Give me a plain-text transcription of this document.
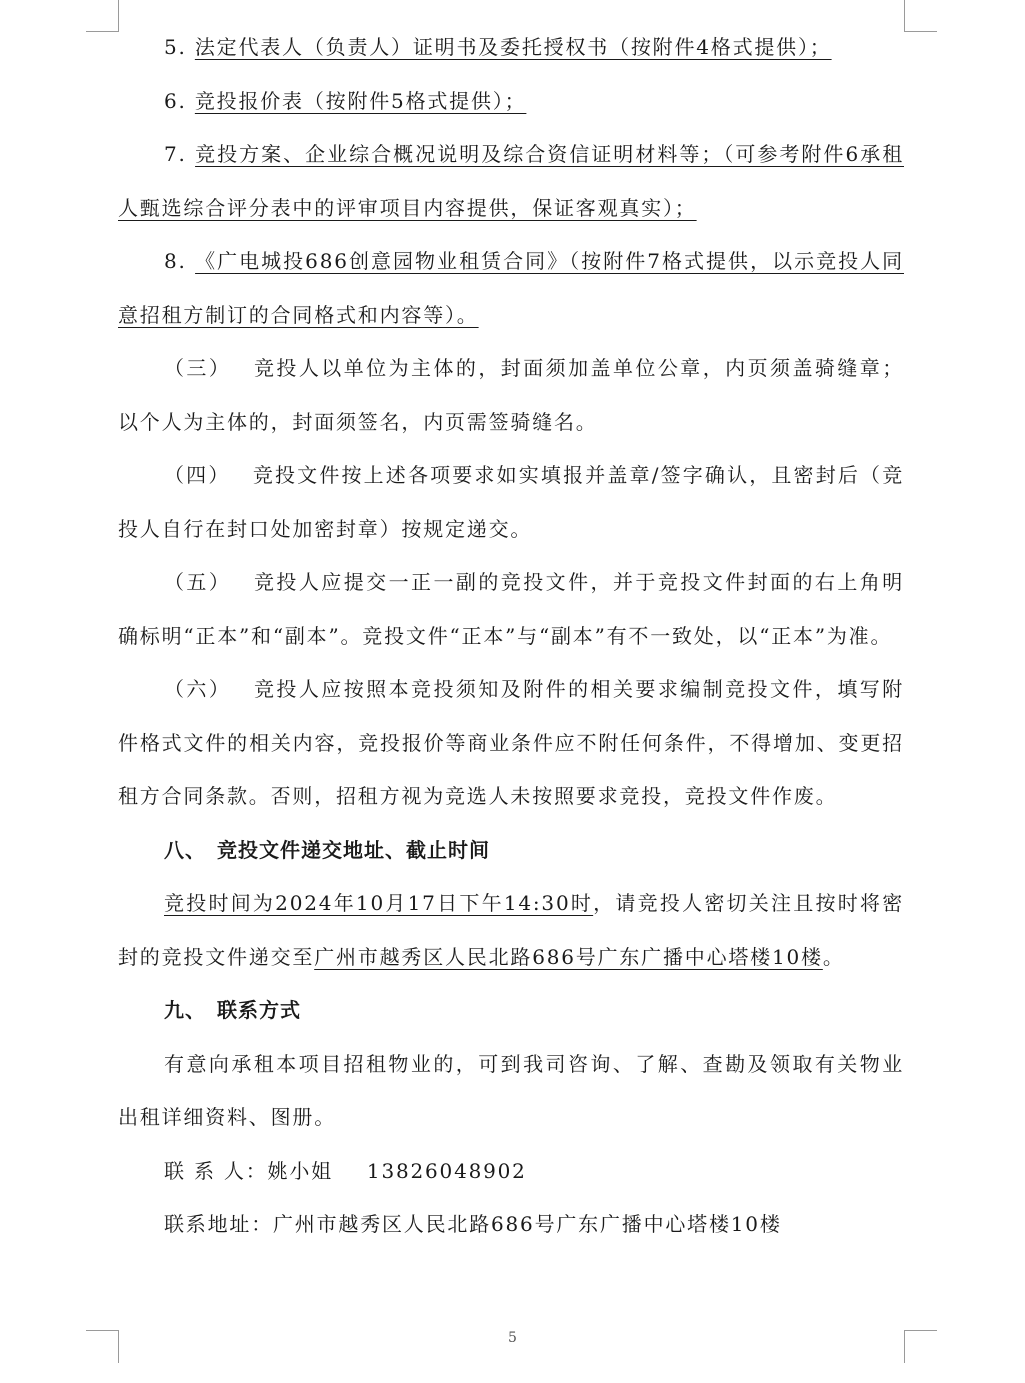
5. 法定代表人（负责人）证明书及委托授权书（按附件4格式提供）；

6. 竞投报价表（按附件5格式提供）；

7. 竞投方案、企业综合概况说明及综合资信证明材料等；（可参考附件6承租人甄选综合评分表中的评审项目内容提供，保证客观真实）；

8. 《广电城投686创意园物业租赁合同》（按附件7格式提供，以示竞投人同意招租方制订的合同格式和内容等）。

（三） 竞投人以单位为主体的，封面须加盖单位公章，内页须盖骑缝章；以个人为主体的，封面须签名，内页需签骑缝名。

（四） 竞投文件按上述各项要求如实填报并盖章/签字确认，且密封后（竞投人自行在封口处加密封章）按规定递交。

（五） 竞投人应提交一正一副的竞投文件，并于竞投文件封面的右上角明确标明“正本”和“副本”。竞投文件“正本”与“副本”有不一致处，以“正本”为准。

（六） 竞投人应按照本竞投须知及附件的相关要求编制竞投文件，填写附件格式文件的相关内容，竞投报价等商业条件应不附任何条件，不得增加、变更招租方合同条款。否则，招租方视为竞选人未按照要求竞投，竞投文件作废。

八、　竞投文件递交地址、截止时间

竞投时间为2024年10月17日下午14:30时，请竞投人密切关注且按时将密封的竞投文件递交至广州市越秀区人民北路686号广东广播中心塔楼10楼。

九、　联系方式

有意向承租本项目招租物业的，可到我司咨询、了解、查勘及领取有关物业出租详细资料、图册。

联 系 人：姚小姐 13826048902

联系地址：广州市越秀区人民北路686号广东广播中心塔楼10楼

5
